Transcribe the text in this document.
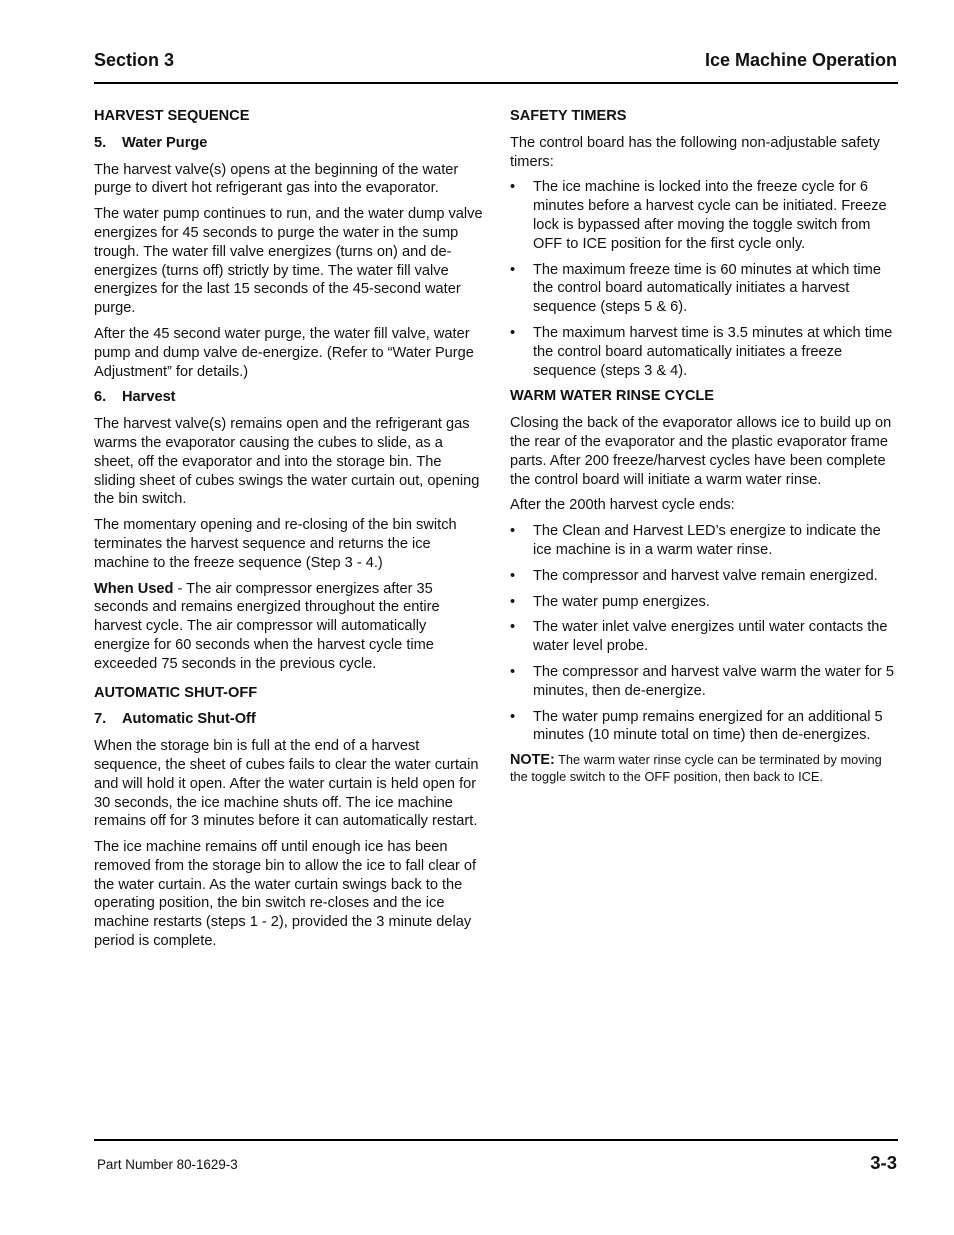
Section 3	Ice Machine Operation
HARVEST SEQUENCE
5. Water Purge

The harvest valve(s) opens at the beginning of the water purge to divert hot refrigerant gas into the evaporator.

The water pump continues to run, and the water dump valve energizes for 45 seconds to purge the water in the sump trough. The water fill valve energizes (turns on) and de-energizes (turns off) strictly by time. The water fill valve energizes for the last 15 seconds of the 45-second water purge.

After the 45 second water purge, the water fill valve, water pump and dump valve de-energize. (Refer to “Water Purge Adjustment” for details.)

6. Harvest

The harvest valve(s) remains open and the refrigerant gas warms the evaporator causing the cubes to slide, as a sheet, off the evaporator and into the storage bin. The sliding sheet of cubes swings the water curtain out, opening the bin switch.

The momentary opening and re-closing of the bin switch terminates the harvest sequence and returns the ice machine to the freeze sequence (Step 3 - 4.)

When Used - The air compressor energizes after 35 seconds and remains energized throughout the entire harvest cycle. The air compressor will automatically energize for 60 seconds when the harvest cycle time exceeded 75 seconds in the previous cycle.

AUTOMATIC SHUT-OFF
7. Automatic Shut-Off

When the storage bin is full at the end of a harvest sequence, the sheet of cubes fails to clear the water curtain and will hold it open. After the water curtain is held open for 30 seconds, the ice machine shuts off. The ice machine remains off for 3 minutes before it can automatically restart.

The ice machine remains off until enough ice has been removed from the storage bin to allow the ice to fall clear of the water curtain. As the water curtain swings back to the operating position, the bin switch re-closes and the ice machine restarts (steps 1 - 2), provided the 3 minute delay period is complete.

SAFETY TIMERS

The control board has the following non-adjustable safety timers:

• The ice machine is locked into the freeze cycle for 6 minutes before a harvest cycle can be initiated. Freeze lock is bypassed after moving the toggle switch from OFF to ICE position for the first cycle only.
• The maximum freeze time is 60 minutes at which time the control board automatically initiates a harvest sequence (steps 5 & 6).
• The maximum harvest time is 3.5 minutes at which time the control board automatically initiates a freeze sequence (steps 3 & 4).
WARM WATER RINSE CYCLE

Closing the back of the evaporator allows ice to build up on the rear of the evaporator and the plastic evaporator frame parts. After 200 freeze/harvest cycles have been complete the control board will initiate a warm water rinse.

After the 200th harvest cycle ends:

• The Clean and Harvest LED’s energize to indicate the ice machine is in a warm water rinse.
• The compressor and harvest valve remain energized.
• The water pump energizes.
• The water inlet valve energizes until water contacts the water level probe.
• The compressor and harvest valve warm the water for 5 minutes, then de-energize.
• The water pump remains energized for an additional 5 minutes (10 minute total on time) then de-energizes.

NOTE: The warm water rinse cycle can be terminated by moving the toggle switch to the OFF position, then back to ICE.

Part Number 80-1629-3	3-3
